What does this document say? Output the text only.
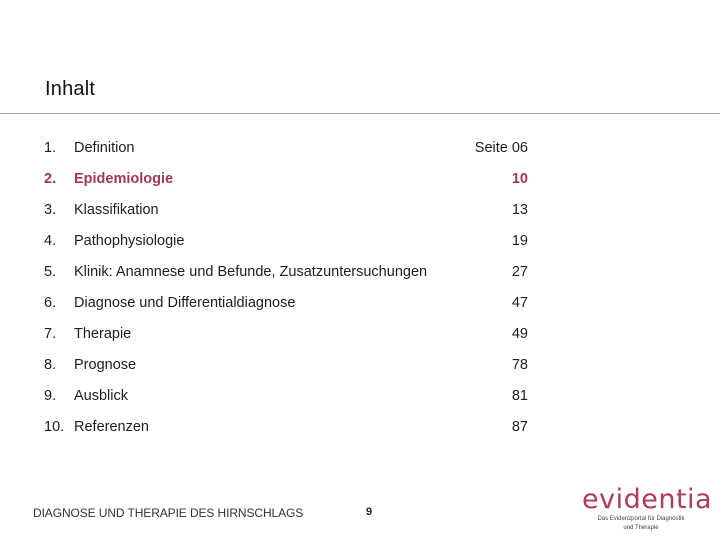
Inhalt
1. Definition	Seite 06
2. Epidemiologie	10
3. Klassifikation	13
4. Pathophysiologie	19
5. Klinik: Anamnese und Befunde, Zusatzuntersuchungen	27
6. Diagnose und Differentialdiagnose	47
7. Therapie	49
8. Prognose	78
9. Ausblick	81
10. Referenzen	87
DIAGNOSE UND THERAPIE DES HIRNSCHLAGS	9	evidentia
Das Evidenzportal für Diagnostik
und Therapie
